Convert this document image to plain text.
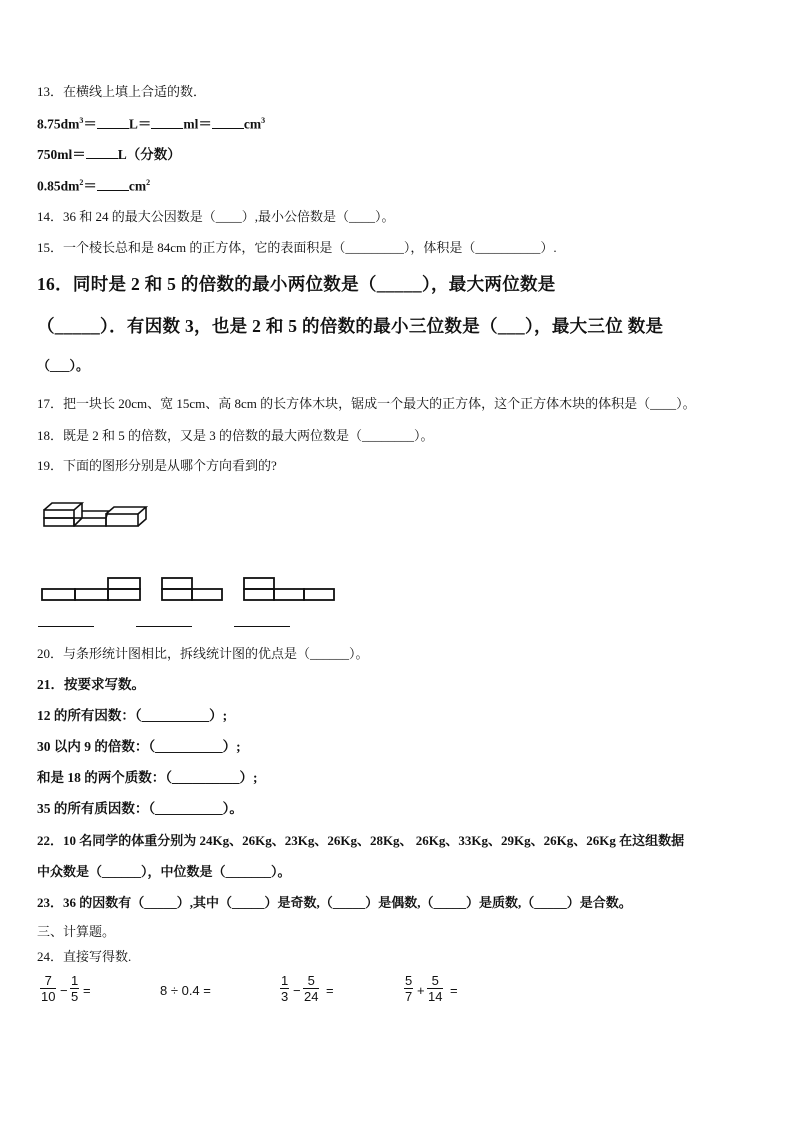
13．在横线上填上合适的数．
$8.75dm^3= L= ml= cm^3$
750ml＝ L（分数）
$0.85dm^2= cm^2$
14．36 和 24 的最大公因数是（____）,最小公倍数是（____）。
15．一个棱长总和是 84cm 的正方体，它的表面积是（_________），体积是（__________）.
16．同时是 2 和 5 的倍数的最小两位数是（_____），最大两位数是
（_____）．有因数 3，也是 2 和 5 的倍数的最小三位数是（___），最大三位 数是
（___）。
17．把一块长 20cm、宽 15cm、高 8cm 的长方体木块，锯成一个最大的正方体，这个正方体木块的体积是（____）。
18．既是 2 和 5 的倍数，又是 3 的倍数的最大两位数是（________）。
19．下面的图形分别是从哪个方向看到的?
20．与条形统计图相比，拆线统计图的优点是（______）。
21．按要求写数。
12 的所有因数：（__________）;
30 以内 9 的倍数：（__________）;
和是 18 的两个质数：（__________）;
35 的所有质因数：（__________）。
22．10 名同学的体重分别为 24Kg、26Kg、23Kg、26Kg、28Kg、 26Kg、33Kg、29Kg、26Kg、26Kg 在这组数据
中众数是（______），中位数是（_______）。
23．36 的因数有（_____）,其中（_____）是奇数,（_____）是偶数,（_____）是质数,（_____）是合数。
三、计算题。
24．直接写得数.
$\frac{7}{10} - \frac{1}{5}$ =	8 ÷ 0.4 =	$\frac{1}{3} - \frac{5}{24}$ =	$\frac{5}{7} + \frac{5}{14}$ =
